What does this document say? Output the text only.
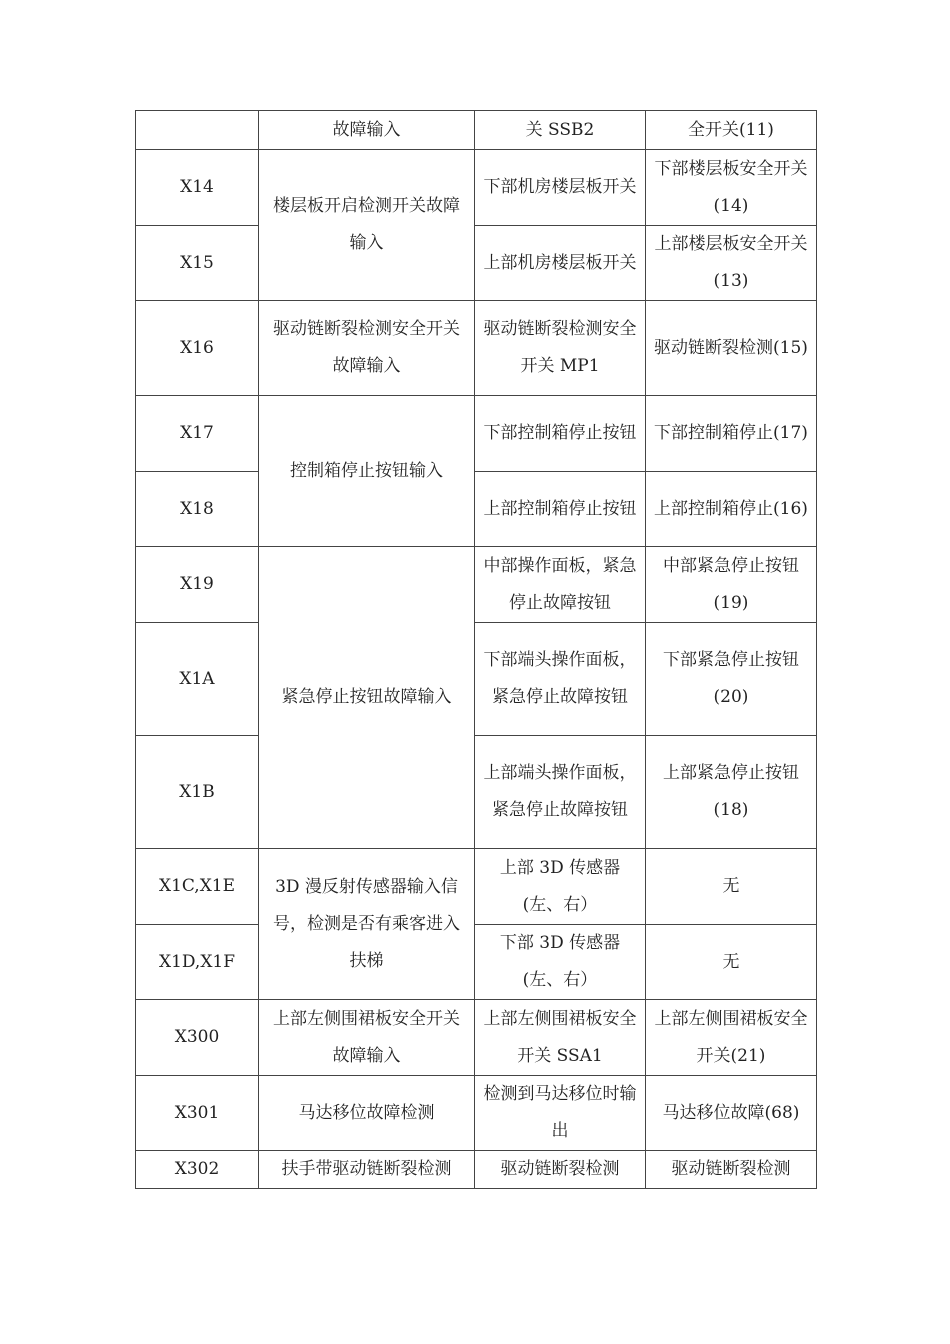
	故障输入	关 SSB2	全开关(11)
X14	楼层板开启检测开关故障输入	下部机房楼层板开关	下部楼层板安全开关(14)
X15		上部机房楼层板开关	上部楼层板安全开关(13)
X16	驱动链断裂检测安全开关故障输入	驱动链断裂检测安全开关 MP1	驱动链断裂检测(15)
X17	控制箱停止按钮输入	下部控制箱停止按钮	下部控制箱停止(17)
X18		上部控制箱停止按钮	上部控制箱停止(16)
X19	紧急停止按钮故障输入	中部操作面板，紧急停止故障按钮	中部紧急停止按钮(19)
X1A		下部端头操作面板，紧急停止故障按钮	下部紧急停止按钮(20)
X1B		上部端头操作面板，紧急停止故障按钮	上部紧急停止按钮(18)
X1C,X1E	3D 漫反射传感器输入信号，检测是否有乘客进入扶梯	上部 3D 传感器(左、右）	无
X1D,X1F		下部 3D 传感器(左、右）	无
X300	上部左侧围裙板安全开关故障输入	上部左侧围裙板安全开关 SSA1	上部左侧围裙板安全开关(21)
X301	马达移位故障检测	检测到马达移位时输出	马达移位故障(68)
X302	扶手带驱动链断裂检测	驱动链断裂检测	驱动链断裂检测
